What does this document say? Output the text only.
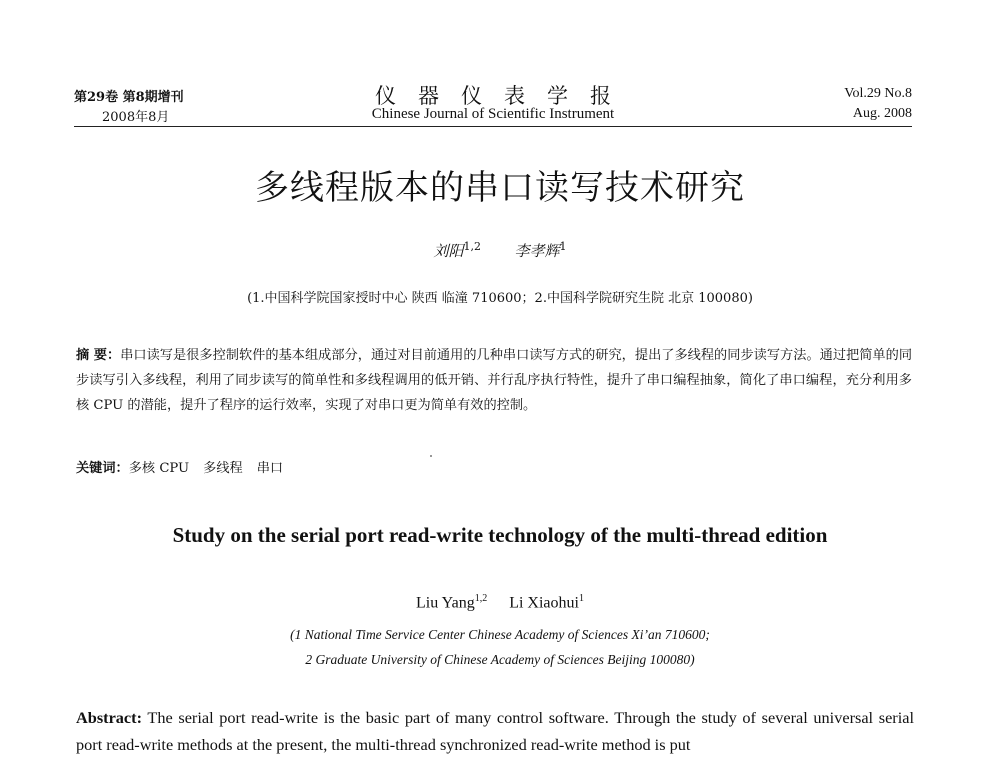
第29卷 第8期增刊
2008年8月
仪器仪表学报
Chinese Journal of Scientific Instrument
Vol.29 No.8
Aug. 2008
多线程版本的串口读写技术研究
刘阳$^{1,2}$ 李孝辉$^1$
(1.中国科学院国家授时中心 陕西 临潼 710600；2.中国科学院研究生院 北京 100080)
摘 要：串口读写是很多控制软件的基本组成部分，通过对目前通用的几种串口读写方式的研究，提出了多线程的同步读写方法。通过把简单的同步读写引入多线程，利用了同步读写的简单性和多线程调用的低开销、并行乱序执行特性，提升了串口编程抽象，简化了串口编程，充分利用多核 CPU 的潜能，提升了程序的运行效率，实现了对串口更为简单有效的控制。
关键词：多核 CPU 多线程 串口
Study on the serial port read-write technology of the multi-thread edition
Liu Yang$^{1,2}$ Li Xiaohui$^1$
(1 National Time Service Center Chinese Academy of Sciences Xi’an 710600;
2 Graduate University of Chinese Academy of Sciences Beijing 100080)
Abstract: The serial port read-write is the basic part of many control software. Through the study of several universal serial port read-write methods at the present, the multi-thread synchronized read-write method is put
